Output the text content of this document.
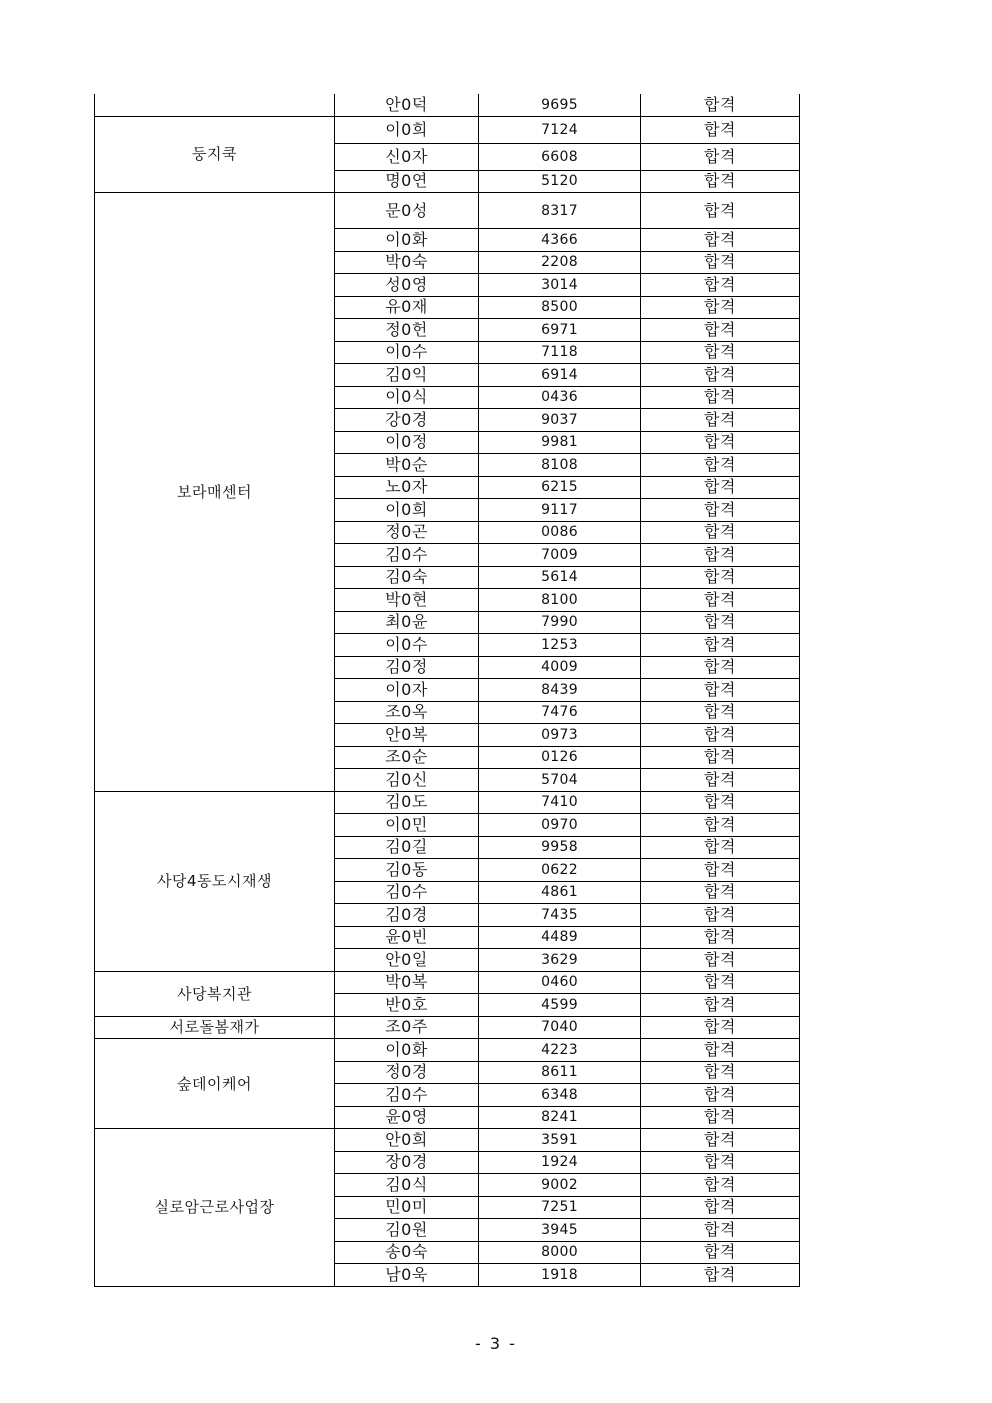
	안0덕	9695	합격
둥지쿡	이0희	7124	합격
	신0자	6608	합격
	명0연	5120	합격
보라매센터	문0성	8317	합격
	이0화	4366	합격
	박0숙	2208	합격
	성0영	3014	합격
	유0재	8500	합격
	정0헌	6971	합격
	이0수	7118	합격
	김0익	6914	합격
	이0식	0436	합격
	강0경	9037	합격
	이0정	9981	합격
	박0순	8108	합격
	노0자	6215	합격
	이0희	9117	합격
	정0곤	0086	합격
	김0수	7009	합격
	김0숙	5614	합격
	박0현	8100	합격
	최0윤	7990	합격
	이0수	1253	합격
	김0정	4009	합격
	이0자	8439	합격
	조0옥	7476	합격
	안0복	0973	합격
	조0순	0126	합격
	김0신	5704	합격
사당4동도시재생	김0도	7410	합격
	이0민	0970	합격
	김0길	9958	합격
	김0동	0622	합격
	김0수	4861	합격
	김0경	7435	합격
	윤0빈	4489	합격
	안0일	3629	합격
사당복지관	박0복	0460	합격
	반0호	4599	합격
서로돌봄재가	조0주	7040	합격
숲데이케어	이0화	4223	합격
	정0경	8611	합격
	김0수	6348	합격
	윤0영	8241	합격
실로암근로사업장	안0희	3591	합격
	장0경	1924	합격
	김0식	9002	합격
	민0미	7251	합격
	김0원	3945	합격
	송0숙	8000	합격
	남0욱	1918	합격
- 3 -
